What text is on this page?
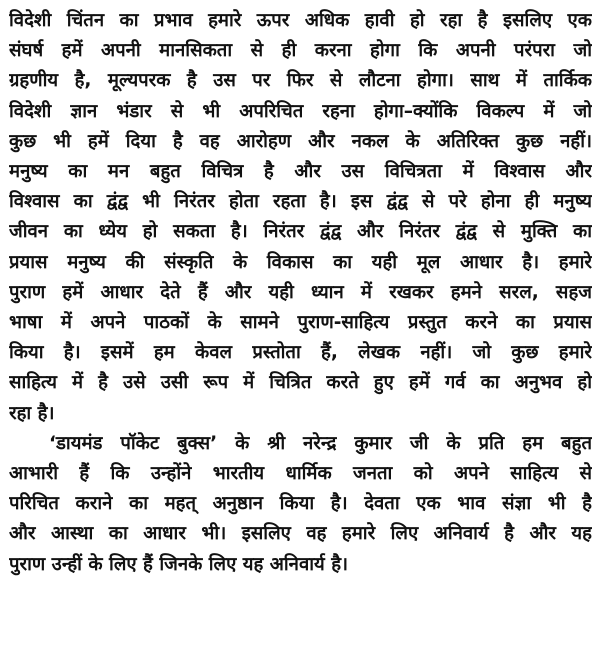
विदेशी चिंतन का प्रभाव हमारे ऊपर अधिक हावी हो रहा है इसलिए एक
संघर्ष हमें अपनी मानसिकता से ही करना होगा कि अपनी परंपरा जो
ग्रहणीय है, मूल्यपरक है उस पर फिर से लौटना होगा। साथ में तार्किक
विदेशी ज्ञान भंडार से भी अपरिचित रहना होगा–क्योंकि विकल्प में जो
कुछ भी हमें दिया है वह आरोहण और नकल के अतिरिक्त कुछ नहीं।
मनुष्य का मन बहुत विचित्र है और उस विचित्रता में विश्वास और
विश्वास का द्वंद्व भी निरंतर होता रहता है। इस द्वंद्व से परे होना ही मनुष्य
जीवन का ध्येय हो सकता है। निरंतर द्वंद्व और निरंतर द्वंद्व से मुक्ति का
प्रयास मनुष्य की संस्कृति के विकास का यही मूल आधार है। हमारे
पुराण हमें आधार देते हैं और यही ध्यान में रखकर हमने सरल, सहज
भाषा में अपने पाठकों के सामने पुराण-साहित्य प्रस्तुत करने का प्रयास
किया है। इसमें हम केवल प्रस्तोता हैं, लेखक नहीं। जो कुछ हमारे
साहित्य में है उसे उसी रूप में चित्रित करते हुए हमें गर्व का अनुभव हो
रहा है।

‘डायमंड पॉकेट बुक्स’ के श्री नरेन्द्र कुमार जी के प्रति हम बहुत
आभारी हैं कि उन्होंने भारतीय धार्मिक जनता को अपने साहित्य से
परिचित कराने का महत् अनुष्ठान किया है। देवता एक भाव संज्ञा भी है
और आस्था का आधार भी। इसलिए वह हमारे लिए अनिवार्य है और यह
पुराण उन्हीं के लिए हैं जिनके लिए यह अनिवार्य है।
